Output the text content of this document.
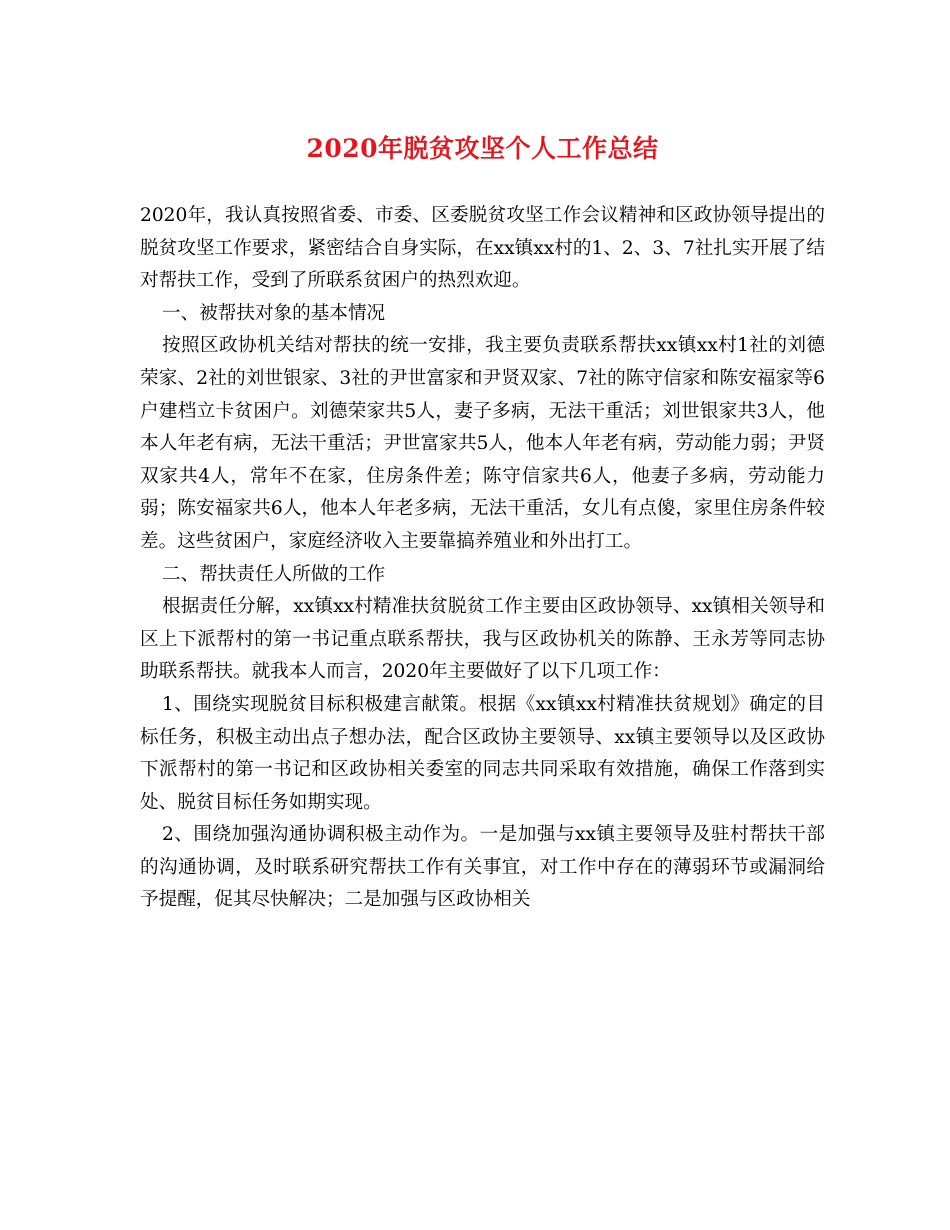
2020年脱贫攻坚个人工作总结

2020年，我认真按照省委、市委、区委脱贫攻坚工作会议精神和区政协领导提出的脱贫攻坚工作要求，紧密结合自身实际，在xx镇xx村的1、2、3、7社扎实开展了结对帮扶工作，受到了所联系贫困户的热烈欢迎。

一、被帮扶对象的基本情况

按照区政协机关结对帮扶的统一安排，我主要负责联系帮扶xx镇xx村1社的刘德荣家、2社的刘世银家、3社的尹世富家和尹贤双家、7社的陈守信家和陈安福家等6户建档立卡贫困户。刘德荣家共5人，妻子多病，无法干重活；刘世银家共3人，他本人年老有病，无法干重活；尹世富家共5人，他本人年老有病，劳动能力弱；尹贤双家共4人，常年不在家，住房条件差；陈守信家共6人，他妻子多病，劳动能力弱；陈安福家共6人，他本人年老多病，无法干重活，女儿有点傻，家里住房条件较差。这些贫困户，家庭经济收入主要靠搞养殖业和外出打工。

二、帮扶责任人所做的工作

根据责任分解，xx镇xx村精准扶贫脱贫工作主要由区政协领导、xx镇相关领导和区上下派帮村的第一书记重点联系帮扶，我与区政协机关的陈静、王永芳等同志协助联系帮扶。就我本人而言，2020年主要做好了以下几项工作：

1、围绕实现脱贫目标积极建言献策。根据《xx镇xx村精准扶贫规划》确定的目标任务，积极主动出点子想办法，配合区政协主要领导、xx镇主要领导以及区政协下派帮村的第一书记和区政协相关委室的同志共同采取有效措施，确保工作落到实处、脱贫目标任务如期实现。

2、围绕加强沟通协调积极主动作为。一是加强与xx镇主要领导及驻村帮扶干部的沟通协调，及时联系研究帮扶工作有关事宜，对工作中存在的薄弱环节或漏洞给予提醒，促其尽快解决；二是加强与区政协相关
